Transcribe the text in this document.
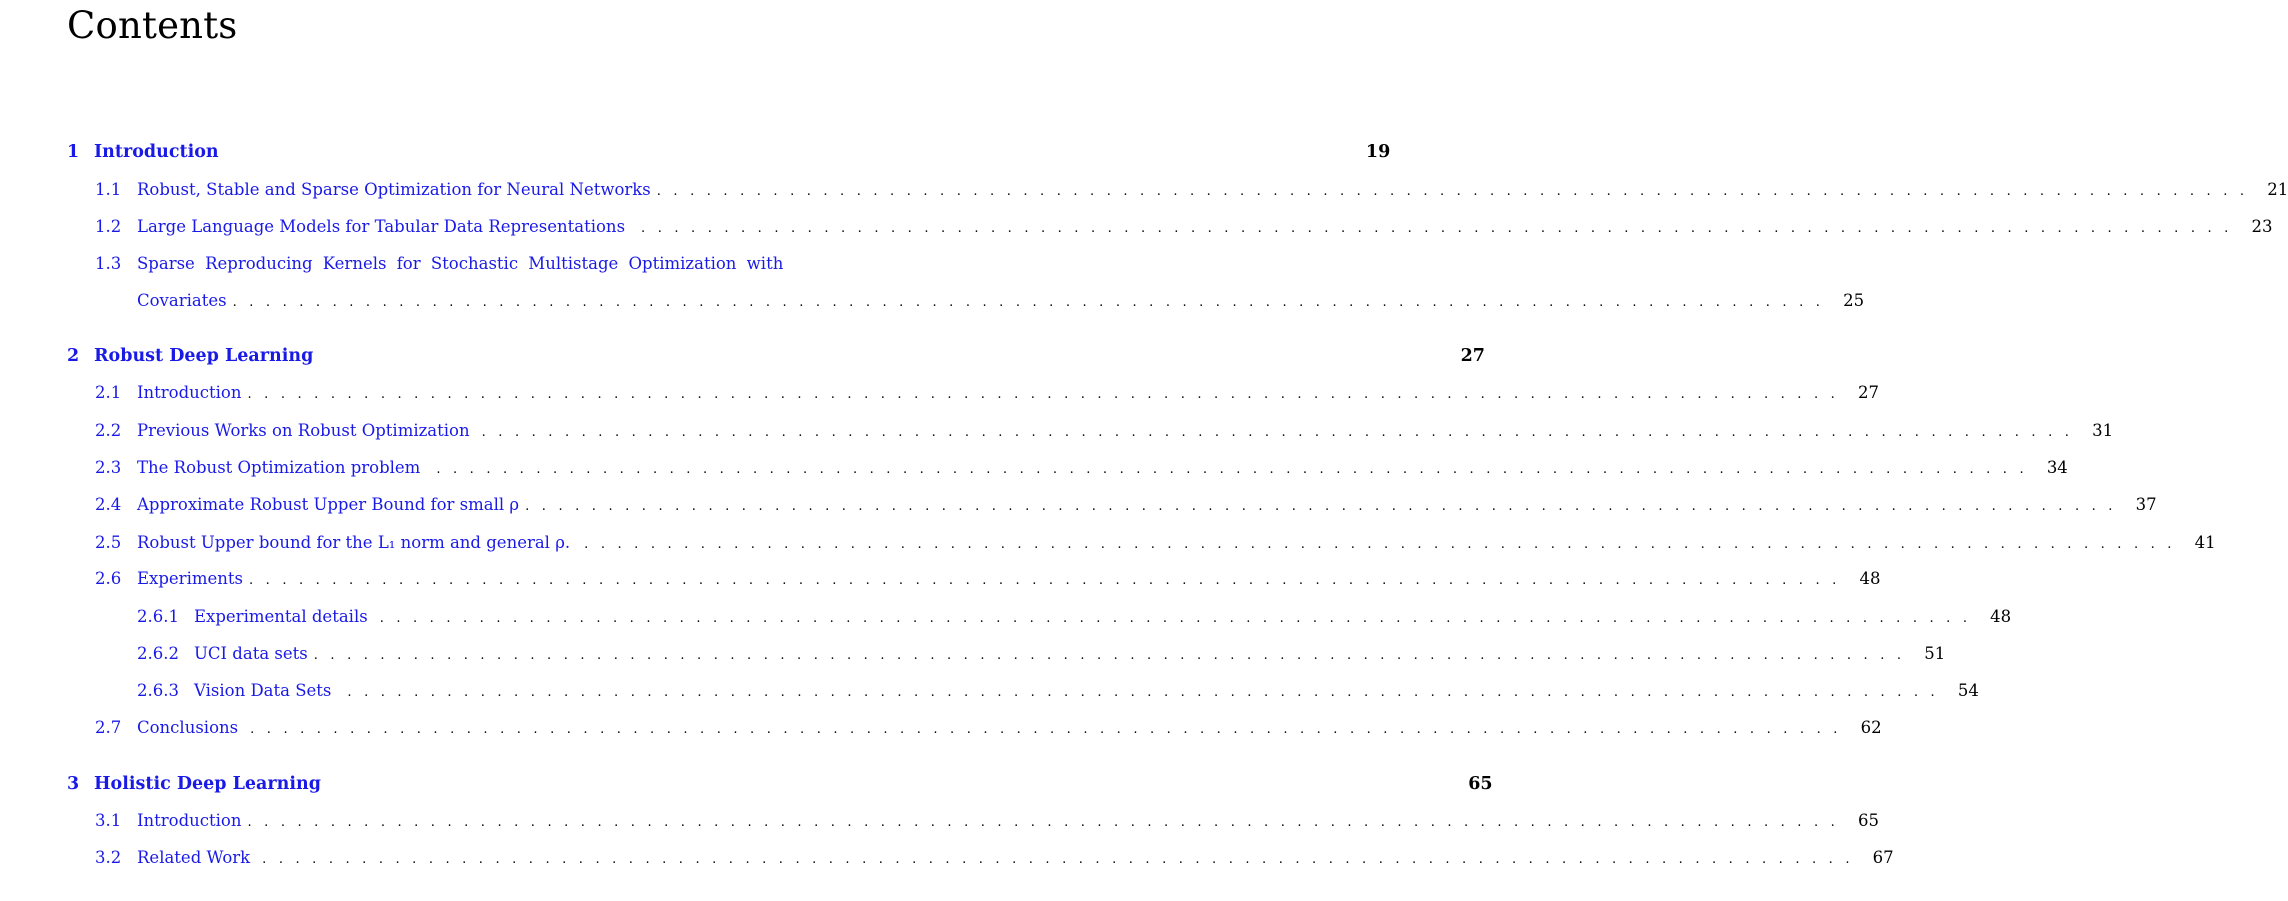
Contents
1 Introduction	19
1.1 Robust, Stable and Sparse Optimization for Neural Networks . . . . . . . . . . . . . . . . . . . . . . . . . . . . . . . . . . . . . . . . . . . . . . . . . . . . . . . . . . . . . . . . . . . . . . . . . . . . . . . . . . . . . . . . . . . . . . . .	21
1.2 Large Language Models for Tabular Data Representations . . . . . . . . . . . . . . . . . . . . . . . . . . . . . . . . . . . . . . . . . . . . . . . . . . . . . . . . . . . . . . . . . . . . . . . . . . . . . . . . . . . . . . . . . . . . . . . .	23
1.3 Sparse Reproducing Kernels for Stochastic Multistage Optimization with
Covariates . . . . . . . . . . . . . . . . . . . . . . . . . . . . . . . . . . . . . . . . . . . . . . . . . . . . . . . . . . . . . . . . . . . . . . . . . . . . . . . . . . . . . . . . . . . . . . . .	25
2 Robust Deep Learning	27
2.1 Introduction . . . . . . . . . . . . . . . . . . . . . . . . . . . . . . . . . . . . . . . . . . . . . . . . . . . . . . . . . . . . . . . . . . . . . . . . . . . . . . . . . . . . . . . . . . . . . . . .	27
2.2 Previous Works on Robust Optimization . . . . . . . . . . . . . . . . . . . . . . . . . . . . . . . . . . . . . . . . . . . . . . . . . . . . . . . . . . . . . . . . . . . . . . . . . . . . . . . . . . . . . . . . . . . . . . . .	31
2.3 The Robust Optimization problem . . . . . . . . . . . . . . . . . . . . . . . . . . . . . . . . . . . . . . . . . . . . . . . . . . . . . . . . . . . . . . . . . . . . . . . . . . . . . . . . . . . . . . . . . . . . . . . .	34
2.4 Approximate Robust Upper Bound for small ρ . . . . . . . . . . . . . . . . . . . . . . . . . . . . . . . . . . . . . . . . . . . . . . . . . . . . . . . . . . . . . . . . . . . . . . . . . . . . . . . . . . . . . . . . . . . . . . . .	37
2.5 Robust Upper bound for the L₁ norm and general ρ. . . . . . . . . . . . . . . . . . . . . . . . . . . . . . . . . . . . . . . . . . . . . . . . . . . . . . . . . . . . . . . . . . . . . . . . . . . . . . . . . . . . . . . . . . . . . . . . .	41
2.6 Experiments . . . . . . . . . . . . . . . . . . . . . . . . . . . . . . . . . . . . . . . . . . . . . . . . . . . . . . . . . . . . . . . . . . . . . . . . . . . . . . . . . . . . . . . . . . . . . . . .	48
2.6.1 Experimental details . . . . . . . . . . . . . . . . . . . . . . . . . . . . . . . . . . . . . . . . . . . . . . . . . . . . . . . . . . . . . . . . . . . . . . . . . . . . . . . . . . . . . . . . . . . . . . . .	48
2.6.2 UCI data sets . . . . . . . . . . . . . . . . . . . . . . . . . . . . . . . . . . . . . . . . . . . . . . . . . . . . . . . . . . . . . . . . . . . . . . . . . . . . . . . . . . . . . . . . . . . . . . . .	51
2.6.3 Vision Data Sets . . . . . . . . . . . . . . . . . . . . . . . . . . . . . . . . . . . . . . . . . . . . . . . . . . . . . . . . . . . . . . . . . . . . . . . . . . . . . . . . . . . . . . . . . . . . . . . .	54
2.7 Conclusions . . . . . . . . . . . . . . . . . . . . . . . . . . . . . . . . . . . . . . . . . . . . . . . . . . . . . . . . . . . . . . . . . . . . . . . . . . . . . . . . . . . . . . . . . . . . . . . .	62
3 Holistic Deep Learning	65
3.1 Introduction . . . . . . . . . . . . . . . . . . . . . . . . . . . . . . . . . . . . . . . . . . . . . . . . . . . . . . . . . . . . . . . . . . . . . . . . . . . . . . . . . . . . . . . . . . . . . . . .	65
3.2 Related Work . . . . . . . . . . . . . . . . . . . . . . . . . . . . . . . . . . . . . . . . . . . . . . . . . . . . . . . . . . . . . . . . . . . . . . . . . . . . . . . . . . . . . . . . . . . . . . . .	67
